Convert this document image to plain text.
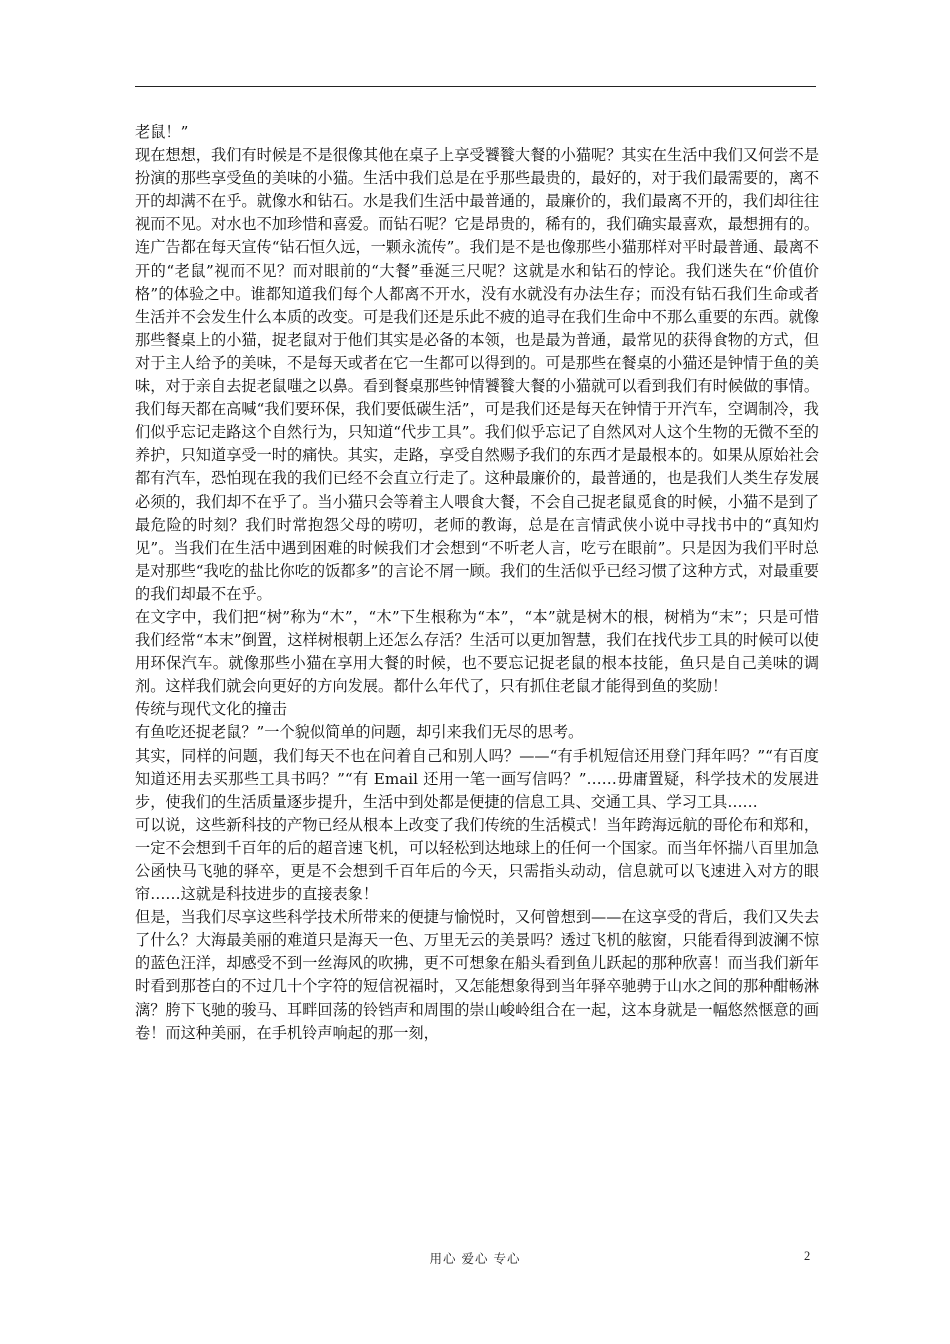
老鼠！”

现在想想，我们有时候是不是很像其他在桌子上享受饕餮大餐的小猫呢？其实在生活中我们又何尝不是扮演的那些享受鱼的美味的小猫。生活中我们总是在乎那些最贵的，最好的，对于我们最需要的，离不开的却满不在乎。就像水和钻石。水是我们生活中最普通的，最廉价的，我们最离不开的，我们却往往视而不见。对水也不加珍惜和喜爱。而钻石呢？它是昂贵的，稀有的，我们确实最喜欢，最想拥有的。连广告都在每天宣传“钻石恒久远，一颗永流传”。我们是不是也像那些小猫那样对平时最普通、最离不开的“老鼠”视而不见？而对眼前的“大餐”垂涎三尺呢？这就是水和钻石的悖论。我们迷失在“价值价格”的体验之中。谁都知道我们每个人都离不开水，没有水就没有办法生存；而没有钻石我们生命或者生活并不会发生什么本质的改变。可是我们还是乐此不疲的追寻在我们生命中不那么重要的东西。就像那些餐桌上的小猫，捉老鼠对于他们其实是必备的本领，也是最为普通，最常见的获得食物的方式，但对于主人给予的美味，不是每天或者在它一生都可以得到的。可是那些在餐桌的小猫还是钟情于鱼的美味，对于亲自去捉老鼠嗤之以鼻。看到餐桌那些钟情饕餮大餐的小猫就可以看到我们有时候做的事情。我们每天都在高喊“我们要环保，我们要低碳生活”，可是我们还是每天在钟情于开汽车，空调制冷，我们似乎忘记走路这个自然行为，只知道“代步工具”。我们似乎忘记了自然风对人这个生物的无微不至的养护，只知道享受一时的痛快。其实，走路，享受自然赐予我们的东西才是最根本的。如果从原始社会都有汽车，恐怕现在我的我们已经不会直立行走了。这种最廉价的，最普通的，也是我们人类生存发展必须的，我们却不在乎了。当小猫只会等着主人喂食大餐，不会自己捉老鼠觅食的时候，小猫不是到了最危险的时刻？我们时常抱怨父母的唠叨，老师的教诲，总是在言情武侠小说中寻找书中的“真知灼见”。当我们在生活中遇到困难的时候我们才会想到“不听老人言，吃亏在眼前”。只是因为我们平时总是对那些“我吃的盐比你吃的饭都多”的言论不屑一顾。我们的生活似乎已经习惯了这种方式，对最重要的我们却最不在乎。

在文字中，我们把“树”称为“木”，“木”下生根称为“本”，“本”就是树木的根，树梢为“末”；只是可惜我们经常“本末”倒置，这样树根朝上还怎么存活？生活可以更加智慧，我们在找代步工具的时候可以使用环保汽车。就像那些小猫在享用大餐的时候，也不要忘记捉老鼠的根本技能，鱼只是自己美味的调剂。这样我们就会向更好的方向发展。都什么年代了，只有抓住老鼠才能得到鱼的奖励！

传统与现代文化的撞击

有鱼吃还捉老鼠？”一个貌似简单的问题，却引来我们无尽的思考。

其实，同样的问题，我们每天不也在问着自己和别人吗？——“有手机短信还用登门拜年吗？”“有百度知道还用去买那些工具书吗？”“有 Email 还用一笔一画写信吗？”……毋庸置疑，科学技术的发展进步，使我们的生活质量逐步提升，生活中到处都是便捷的信息工具、交通工具、学习工具……

可以说，这些新科技的产物已经从根本上改变了我们传统的生活模式！当年跨海远航的哥伦布和郑和，一定不会想到千百年的后的超音速飞机，可以轻松到达地球上的任何一个国家。而当年怀揣八百里加急公函快马飞驰的驿卒，更是不会想到千百年后的今天，只需指头动动，信息就可以飞速进入对方的眼帘……这就是科技进步的直接表象！

但是，当我们尽享这些科学技术所带来的便捷与愉悦时，又何曾想到——在这享受的背后，我们又失去了什么？大海最美丽的难道只是海天一色、万里无云的美景吗？透过飞机的舷窗，只能看得到波澜不惊的蓝色汪洋，却感受不到一丝海风的吹拂，更不可想象在船头看到鱼儿跃起的那种欣喜！而当我们新年时看到那苍白的不过几十个字符的短信祝福时，又怎能想象得到当年驿卒驰骋于山水之间的那种酣畅淋漓？胯下飞驰的骏马、耳畔回荡的铃铛声和周围的崇山峻岭组合在一起，这本身就是一幅悠然惬意的画卷！而这种美丽，在手机铃声响起的那一刻，

用心 爱心 专心	2
